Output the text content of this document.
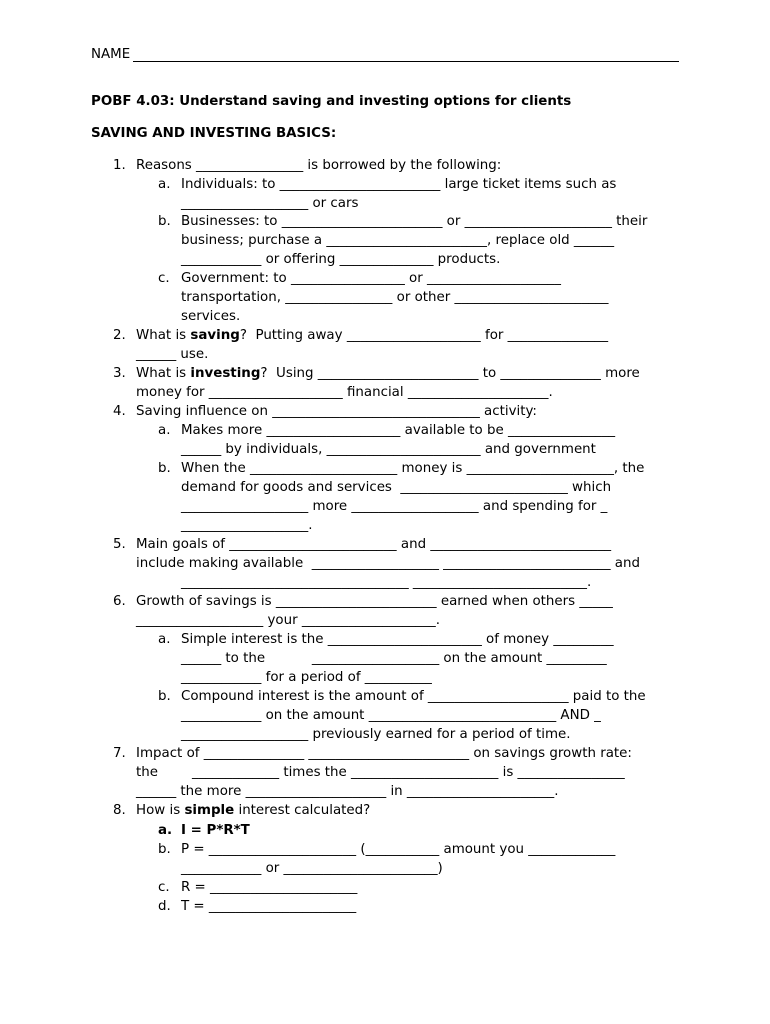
NAME
POBF 4.03: Understand saving and investing options for clients
SAVING AND INVESTING BASICS:
1. Reasons ________________ is borrowed by the following:
a. Individuals: to ________________________ large ticket items such as
___________________ or cars
b. Businesses: to ________________________ or ______________________ their
business; purchase a ________________________, replace old ______
____________ or offering ______________ products.
c. Government: to _________________ or ____________________
transportation, ________________ or other _______________________
services.
2. What is saving?  Putting away ____________________ for _______________
______ use.
3. What is investing?  Using ________________________ to _______________ more
money for ____________________ financial _____________________.
4. Saving influence on _______________________________ activity:
a. Makes more ____________________ available to be ________________
______ by individuals, _______________________ and government
b. When the ______________________ money is ______________________, the
demand for goods and services  _________________________ which
___________________ more ___________________ and spending for _
___________________.
5. Main goals of _________________________ and ___________________________
include making available  ___________________ _________________________ and
__________________________________ __________________________.
6. Growth of savings is ________________________ earned when others _____
___________________ your ____________________.
a. Simple interest is the _______________________ of money _________
______ to the           ___________________ on the amount _________
____________ for a period of __________
b. Compound interest is the amount of _____________________ paid to the
____________ on the amount ____________________________ AND _
___________________ previously earned for a period of time.
7. Impact of _______________ ________________________ on savings growth rate:
the        _____________ times the ______________________ is ________________
______ the more _____________________ in ______________________.
8. How is simple interest calculated?
a. I = P*R*T
b. P = ______________________ (___________ amount you _____________
____________ or _______________________)
c. R = ______________________
d. T = ______________________
